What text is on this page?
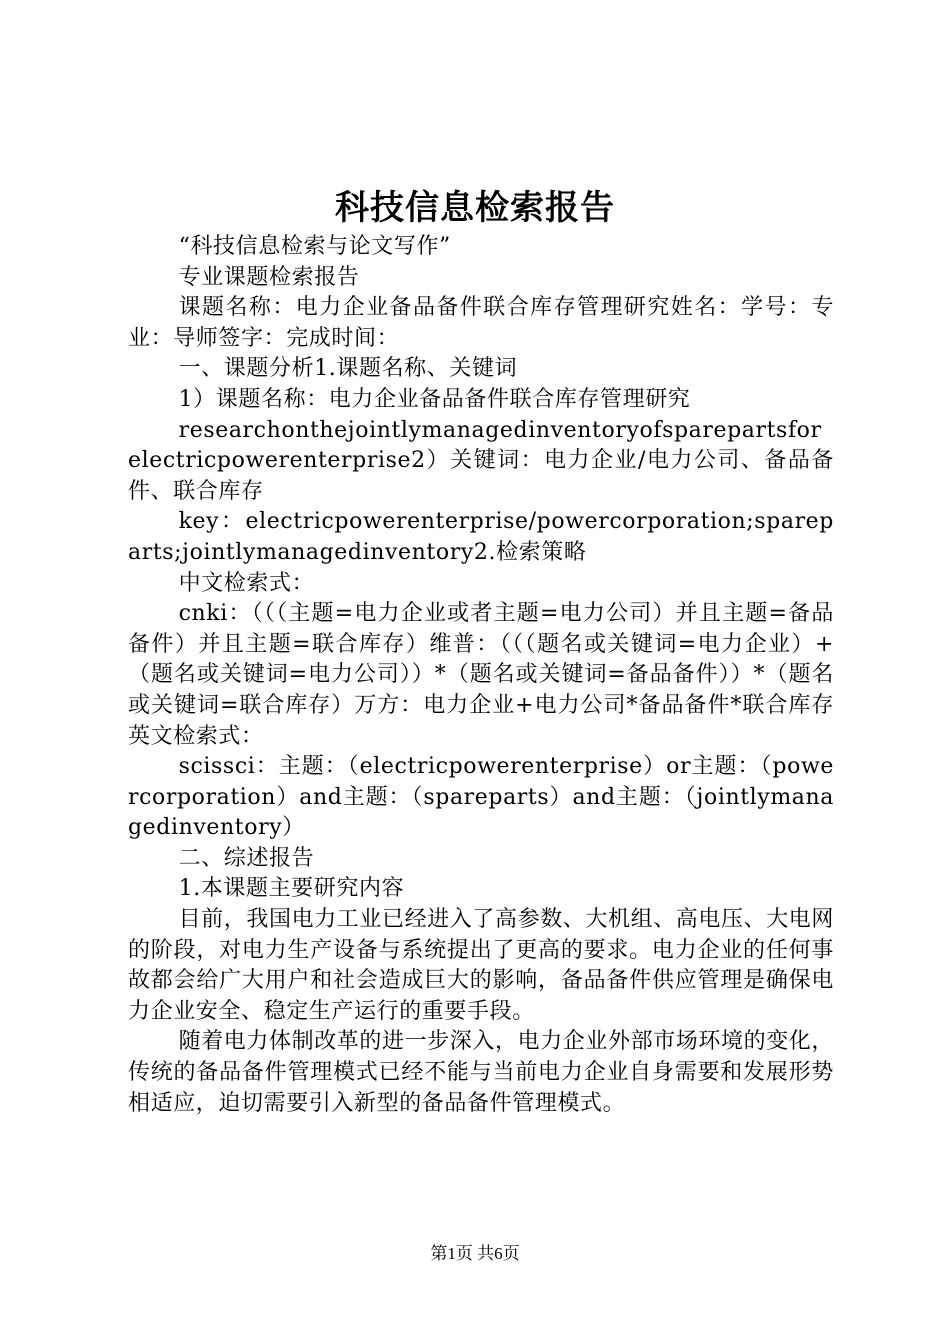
科技信息检索报告

“科技信息检索与论文写作”

专业课题检索报告

课题名称：电力企业备品备件联合库存管理研究姓名：学号：专业：导师签字：完成时间：

一、课题分析1.课题名称、关键词

1）课题名称：电力企业备品备件联合库存管理研究

researchonthejointlymanagedinventoryofsparepartsforelectricpowerenterprise2）关键词：电力企业/电力公司、备品备件、联合库存

key：electricpowerenterprise/powercorporation;spareparts;jointlymanagedinventory2.检索策略

中文检索式：

cnki：（（（主题=电力企业或者主题=电力公司）并且主题=备品备件）并且主题=联合库存）维普：（（（题名或关键词=电力企业）+（题名或关键词=电力公司））*（题名或关键词=备品备件））*（题名或关键词=联合库存）万方：电力企业+电力公司*备品备件*联合库存英文检索式：

scissci：主题：（electricpowerenterprise）or主题：（powercorporation）and主题：（spareparts）and主题：（jointlymanagedinventory）

二、综述报告

1.本课题主要研究内容

目前，我国电力工业已经进入了高参数、大机组、高电压、大电网的阶段，对电力生产设备与系统提出了更高的要求。电力企业的任何事故都会给广大用户和社会造成巨大的影响，备品备件供应管理是确保电力企业安全、稳定生产运行的重要手段。

随着电力体制改革的进一步深入，电力企业外部市场环境的变化，传统的备品备件管理模式已经不能与当前电力企业自身需要和发展形势相适应，迫切需要引入新型的备品备件管理模式。

第1页 共6页
